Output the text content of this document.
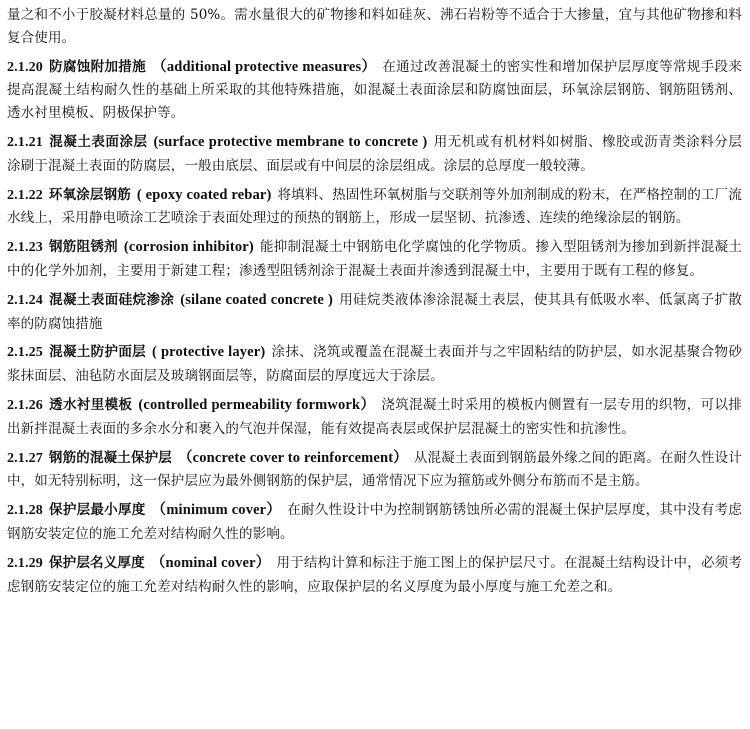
量之和不小于胶凝材料总量的 50%。需水量很大的矿物掺和料如硅灰、沸石岩粉等不适合于大掺量，宜与其他矿物掺和料复合使用。

2.1.20 防腐蚀附加措施 （additional protective measures） 在通过改善混凝土的密实性和增加保护层厚度等常规手段来提高混凝土结构耐久性的基础上所采取的其他特殊措施，如混凝土表面涂层和防腐蚀面层，环氧涂层钢筋、钢筋阻锈剂、透水衬里模板、阴极保护等。

2.1.21 混凝土表面涂层 (surface protective membrane to concrete ) 用无机或有机材料如树脂、橡胶或沥青类涂料分层涂刷于混凝土表面的防腐层，一般由底层、面层或有中间层的涂层组成。涂层的总厚度一般较薄。

2.1.22 环氧涂层钢筋 ( epoxy coated rebar) 将填料、热固性环氧树脂与交联剂等外加剂制成的粉末，在严格控制的工厂流水线上，采用静电喷涂工艺喷涂于表面处理过的预热的钢筋上，形成一层坚韧、抗渗透、连续的绝缘涂层的钢筋。

2.1.23 钢筋阻锈剂 (corrosion inhibitor) 能抑制混凝土中钢筋电化学腐蚀的化学物质。掺入型阻锈剂为掺加到新拌混凝土中的化学外加剂，主要用于新建工程；渗透型阻锈剂涂于混凝土表面并渗透到混凝土中，主要用于既有工程的修复。

2.1.24 混凝土表面硅烷渗涂 (silane coated concrete ) 用硅烷类液体渗涂混凝土表层，使其具有低吸水率、低氯离子扩散率的防腐蚀措施

2.1.25 混凝土防护面层 ( protective layer) 涂抹、浇筑或覆盖在混凝土表面并与之牢固粘结的防护层，如水泥基聚合物砂浆抹面层、油毡防水面层及玻璃钢面层等，防腐面层的厚度远大于涂层。

2.1.26 透水衬里模板 (controlled permeability formwork） 浇筑混凝土时采用的模板内侧置有一层专用的织物，可以排出新拌混凝土表面的多余水分和裹入的气泡并保湿，能有效提高表层或保护层混凝土的密实性和抗渗性。

2.1.27 钢筋的混凝土保护层 （concrete cover to reinforcement） 从混凝土表面到钢筋最外缘之间的距离。在耐久性设计中，如无特别标明，这一保护层应为最外侧钢筋的保护层，通常情况下应为箍筋或外侧分布筋而不是主筋。

2.1.28 保护层最小厚度 （minimum cover） 在耐久性设计中为控制钢筋锈蚀所必需的混凝土保护层厚度，其中没有考虑钢筋安装定位的施工允差对结构耐久性的影响。

2.1.29 保护层名义厚度 （nominal cover） 用于结构计算和标注于施工图上的保护层尺寸。在混凝土结构设计中，必须考虑钢筋安装定位的施工允差对结构耐久性的影响，应取保护层的名义厚度为最小厚度与施工允差之和。
